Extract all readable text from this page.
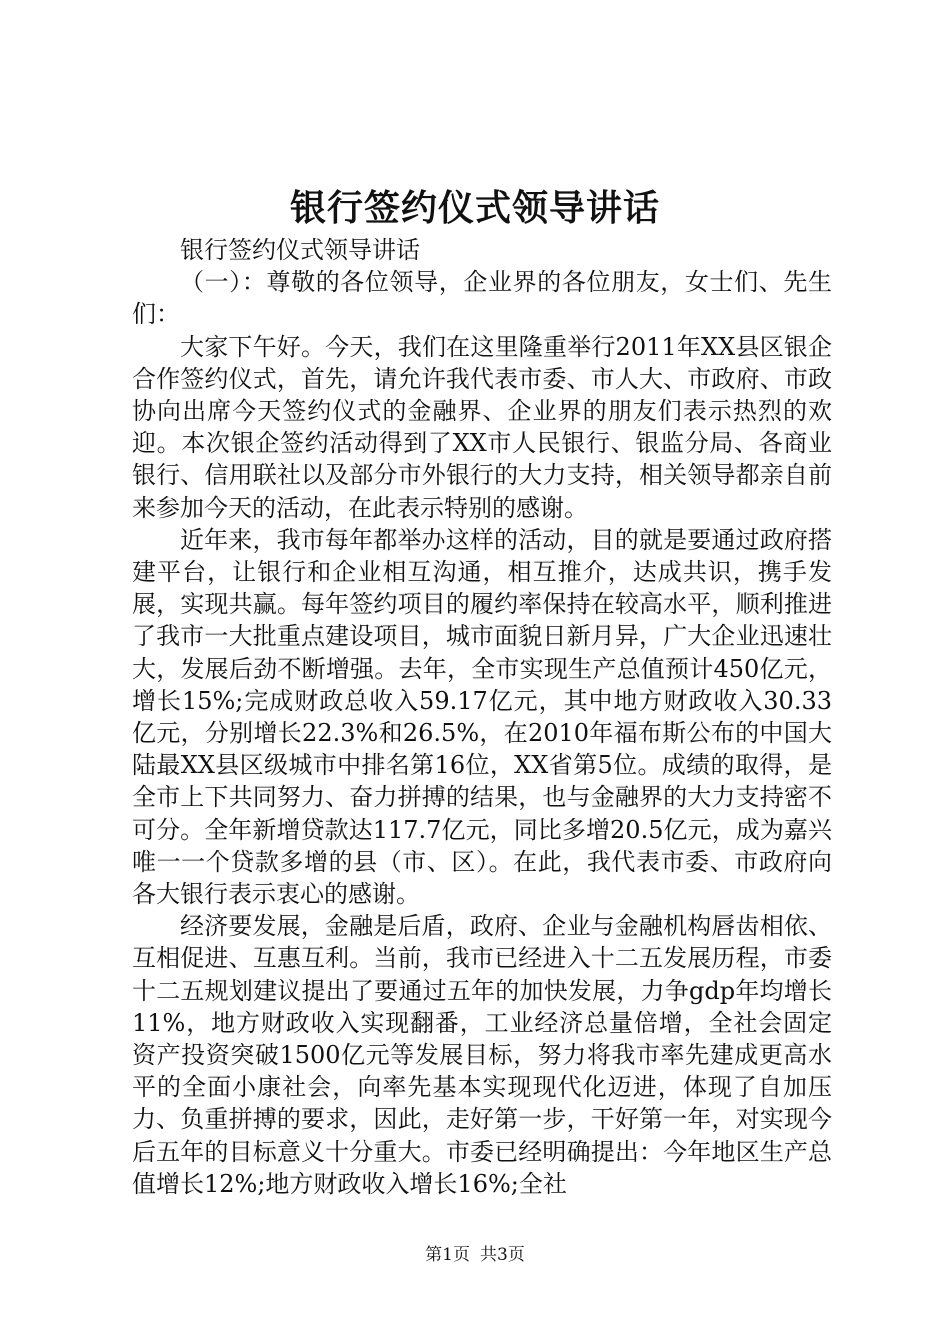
银行签约仪式领导讲话

银行签约仪式领导讲话

（一）：尊敬的各位领导，企业界的各位朋友，女士们、先生们：

大家下午好。今天，我们在这里隆重举行2011年XX县区银企合作签约仪式，首先，请允许我代表市委、市人大、市政府、市政协向出席今天签约仪式的金融界、企业界的朋友们表示热烈的欢迎。本次银企签约活动得到了XX市人民银行、银监分局、各商业银行、信用联社以及部分市外银行的大力支持，相关领导都亲自前来参加今天的活动，在此表示特别的感谢。

近年来，我市每年都举办这样的活动，目的就是要通过政府搭建平台，让银行和企业相互沟通，相互推介，达成共识，携手发展，实现共赢。每年签约项目的履约率保持在较高水平，顺利推进了我市一大批重点建设项目，城市面貌日新月异，广大企业迅速壮大，发展后劲不断增强。去年，全市实现生产总值预计450亿元，增长15%;完成财政总收入59.17亿元，其中地方财政收入30.33亿元，分别增长22.3%和26.5%，在2010年福布斯公布的中国大陆最XX县区级城市中排名第16位，XX省第5位。成绩的取得，是全市上下共同努力、奋力拼搏的结果，也与金融界的大力支持密不可分。全年新增贷款达117.7亿元，同比多增20.5亿元，成为嘉兴唯一一个贷款多增的县（市、区）。在此，我代表市委、市政府向各大银行表示衷心的感谢。

经济要发展，金融是后盾，政府、企业与金融机构唇齿相依、互相促进、互惠互利。当前，我市已经进入十二五发展历程，市委十二五规划建议提出了要通过五年的加快发展，力争gdp年均增长11%，地方财政收入实现翻番，工业经济总量倍增，全社会固定资产投资突破1500亿元等发展目标，努力将我市率先建成更高水平的全面小康社会，向率先基本实现现代化迈进，体现了自加压力、负重拼搏的要求，因此，走好第一步，干好第一年，对实现今后五年的目标意义十分重大。市委已经明确提出：今年地区生产总值增长12%;地方财政收入增长16%;全社

第1页 共3页
